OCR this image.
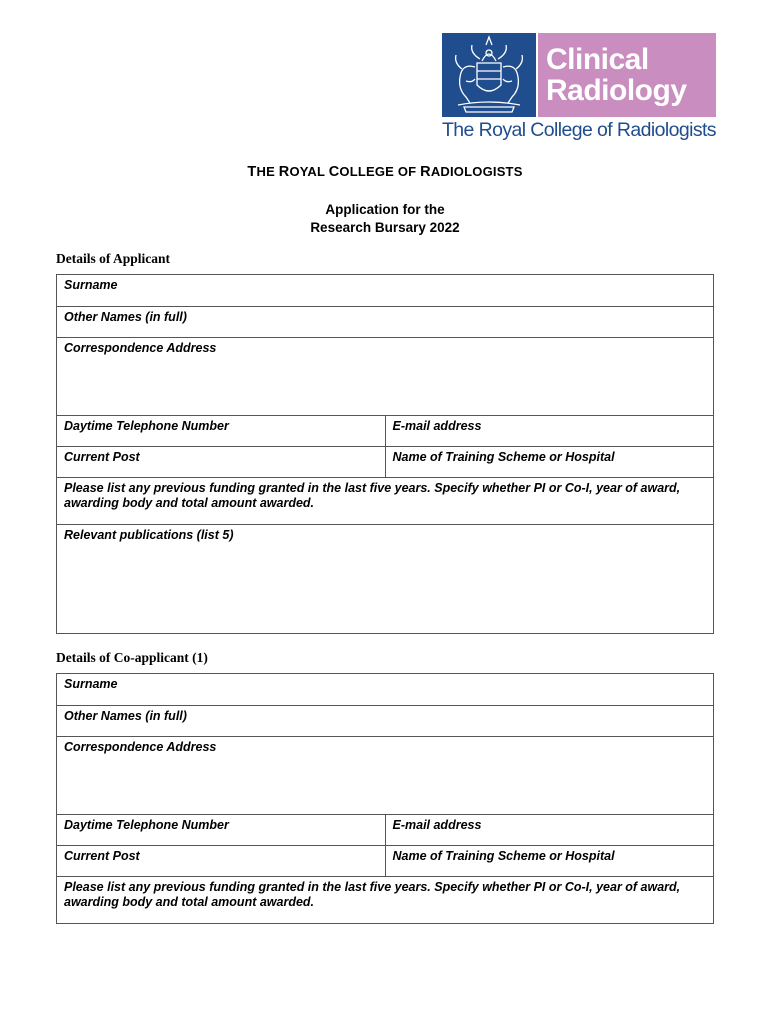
Clinical
Radiology
The Royal College of Radiologists
THE ROYAL COLLEGE OF RADIOLOGISTS
Application for the
Research Bursary 2022
Details of Applicant
Surname	
Other Names (in full)	
Correspondence Address	
Daytime Telephone Number	E-mail address
Current Post	Name of Training Scheme or Hospital
Please list any previous funding granted in the last five years. Specify whether PI or Co-I, year of award, awarding body and total amount awarded.	
Relevant publications (list 5)	
Details of Co-applicant (1)
Surname	
Other Names (in full)	
Correspondence Address	
Daytime Telephone Number	E-mail address
Current Post	Name of Training Scheme or Hospital
Please list any previous funding granted in the last five years. Specify whether PI or Co-I, year of award, awarding body and total amount awarded.	
